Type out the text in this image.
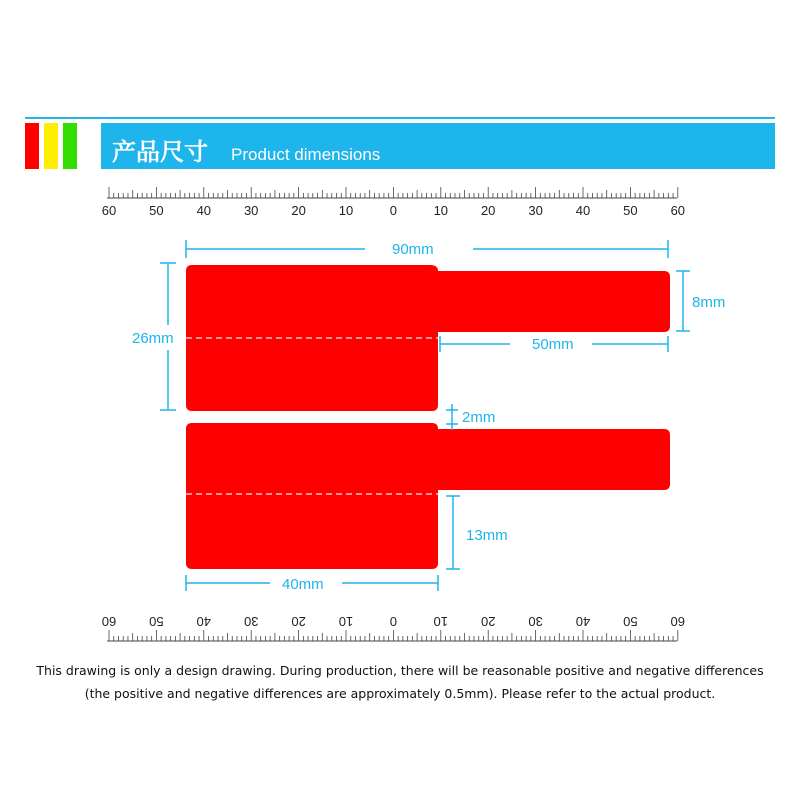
产品尺寸 Product dimensions
60	50	40	30	20	10	0	10	20	30	40	50	60
90mm
26mm
8mm
50mm
2mm
13mm
40mm
60	50	40	30	20	10	0	10	20	30	40	50	60
This drawing is only a design drawing. During production, there will be reasonable positive and negative differences
(the positive and negative differences are approximately 0.5mm). Please refer to the actual product.
